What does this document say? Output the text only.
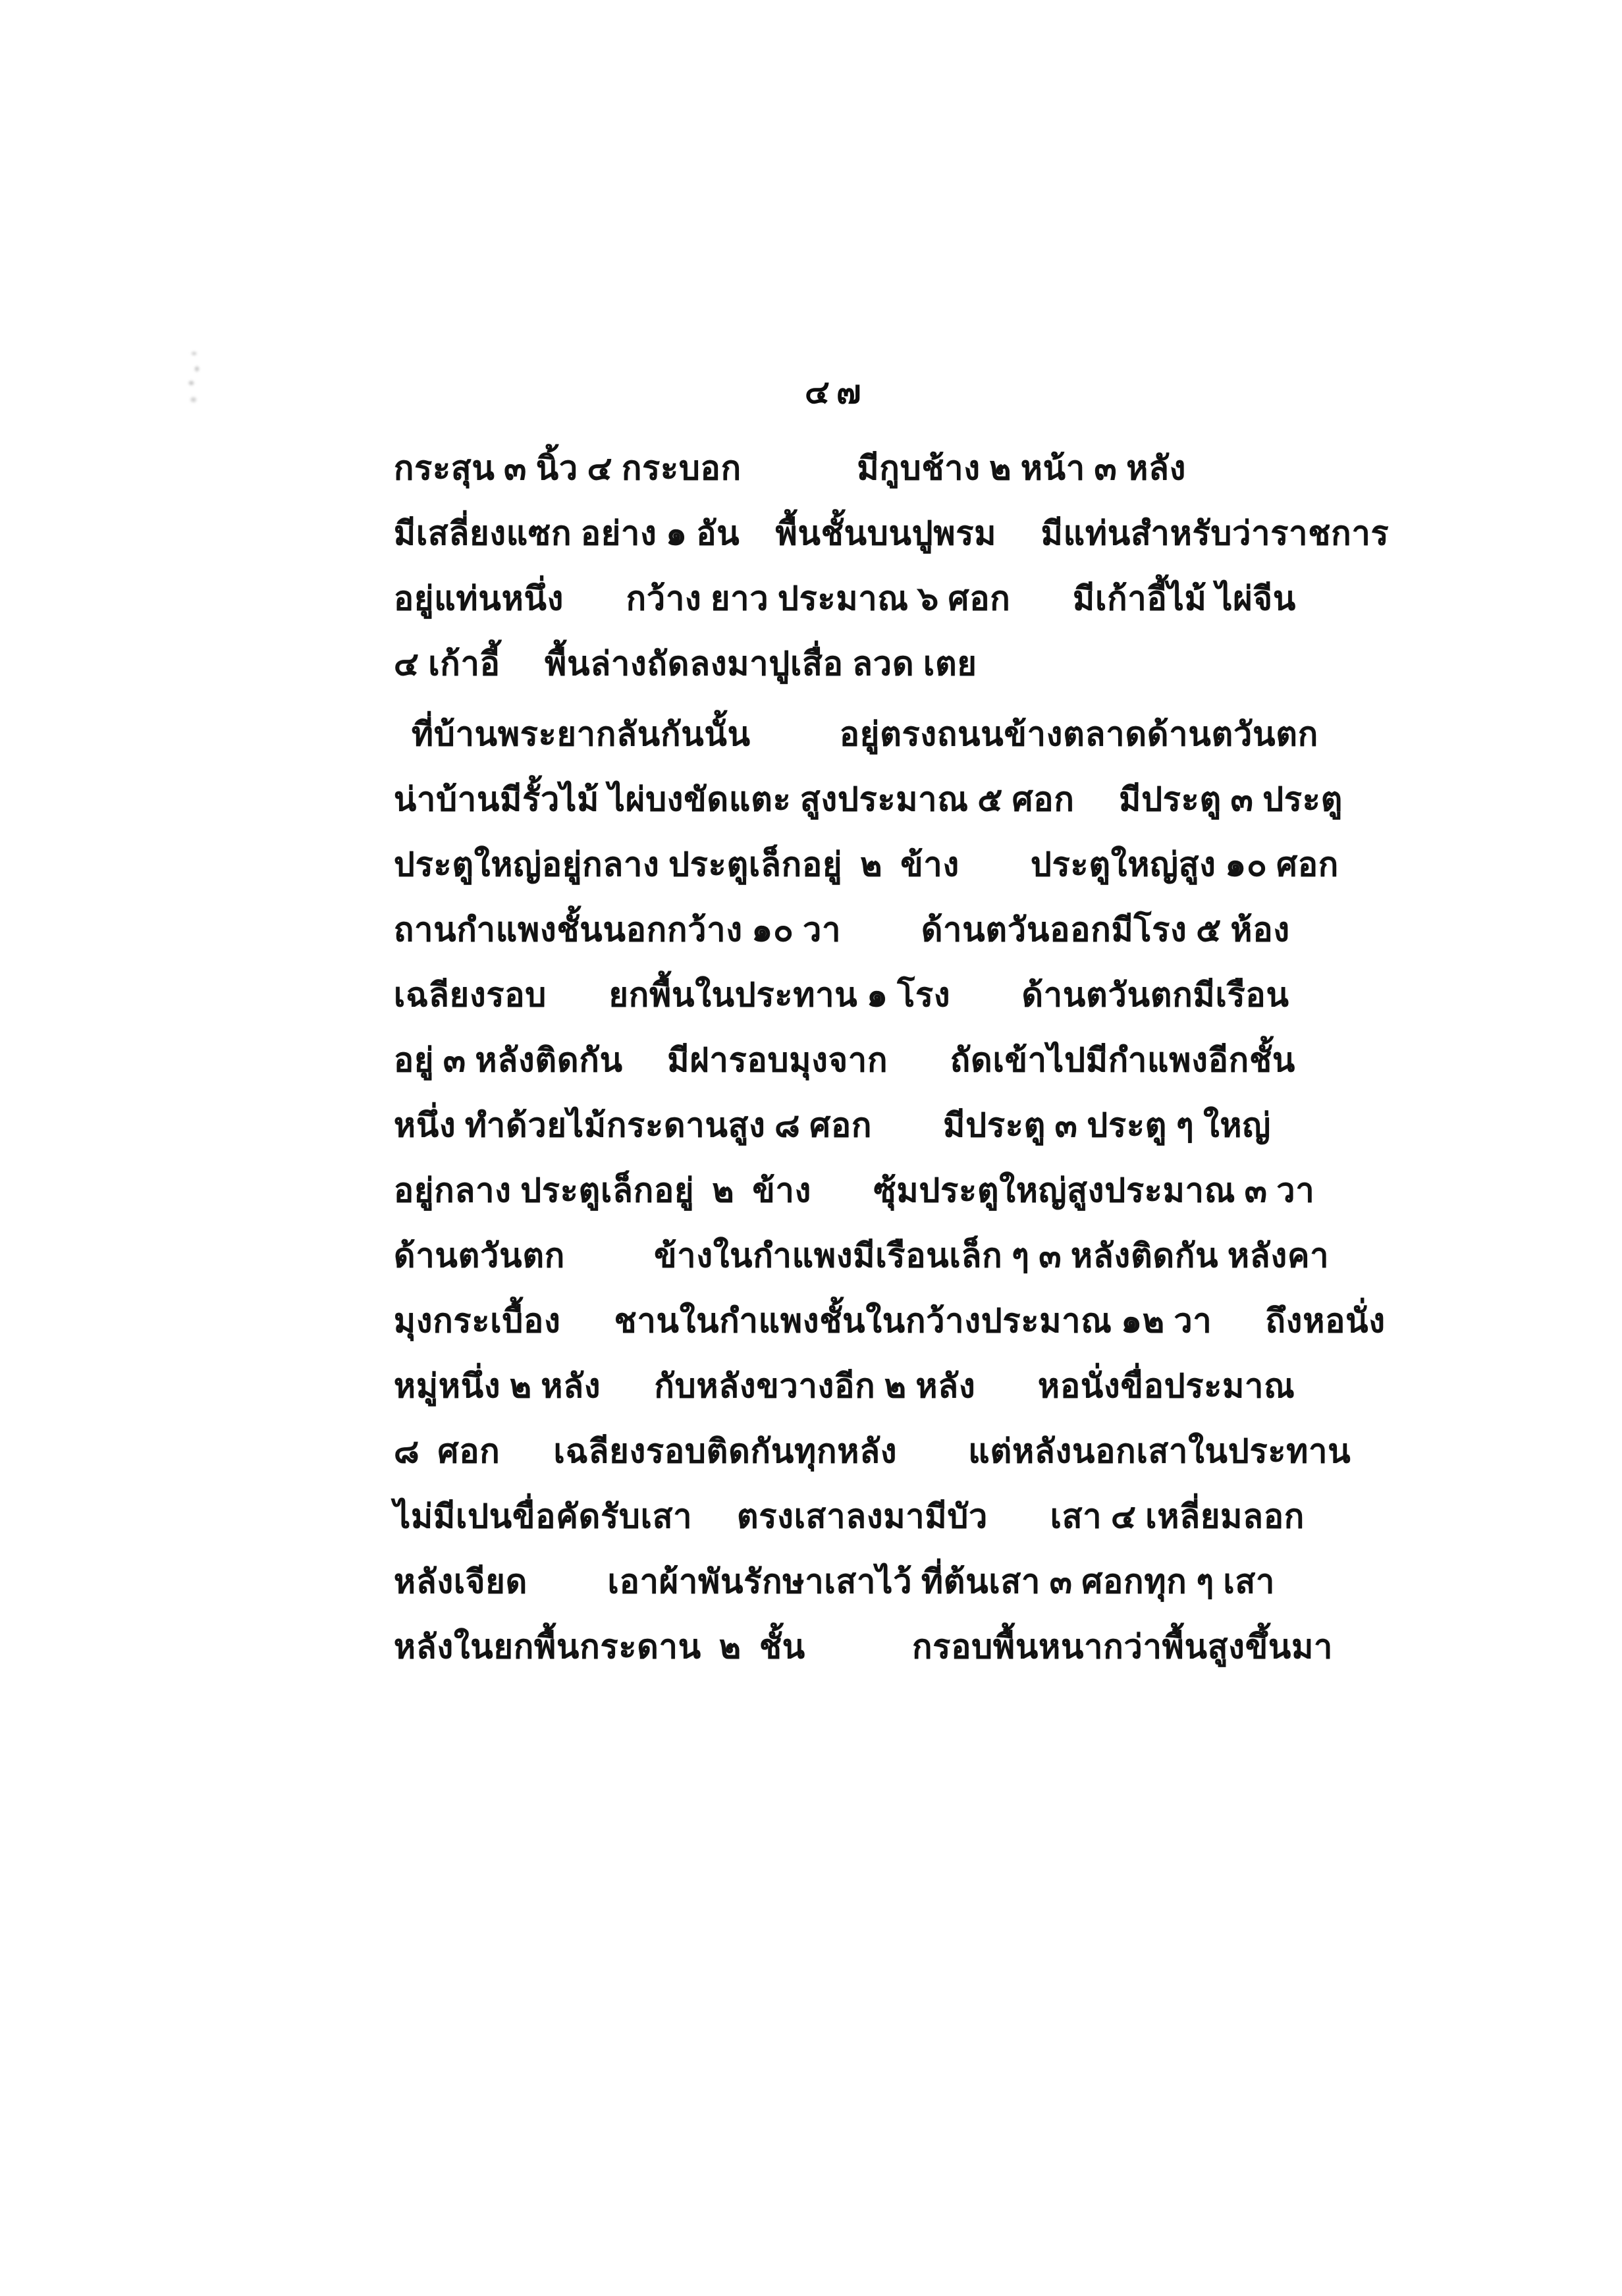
๔๗
กระสุน ๓ นิ้ว ๔ กระบอก             มีกูบช้าง ๒ หน้า ๓ หลัง
มีเสลี่ยงแซก อย่าง ๑ อัน    พื้นชั้นบนปูพรม     มีแท่นสำหรับว่าราชการ
อยู่แท่นหนึ่ง       กว้าง ยาว ประมาณ ๖ ศอก       มีเก้าอี้ไม้ ไผ่จีน
๔ เก้าอี้     พื้นล่างถัดลงมาปูเสื่อ ลวด เตย
ที่บ้านพระยากลันกันนั้น          อยู่ตรงถนนข้างตลาดด้านตวันตก
น่าบ้านมีรั้วไม้ ไผ่บงขัดแตะ สูงประมาณ ๕ ศอก     มีประตู ๓ ประตู
ประตูใหญ่อยู่กลาง ประตูเล็กอยู่  ๒  ข้าง        ประตูใหญ่สูง ๑๐ ศอก
ถานกำแพงชั้นนอกกว้าง ๑๐ วา         ด้านตวันออกมีโรง ๕ ห้อง
เฉลียงรอบ       ยกพื้นในประทาน ๑ โรง        ด้านตวันตกมีเรือน
อยู่ ๓ หลังติดกัน     มีฝารอบมุงจาก       ถัดเข้าไปมีกำแพงอีกชั้น
หนึ่ง ทำด้วยไม้กระดานสูง ๘ ศอก        มีประตู ๓ ประตู ๆ ใหญ่
อยู่กลาง ประตูเล็กอยู่  ๒  ข้าง       ซุ้มประตูใหญ่สูงประมาณ ๓ วา
ด้านตวันตก          ข้างในกำแพงมีเรือนเล็ก ๆ ๓ หลังติดกัน หลังคา
มุงกระเบื้อง      ชานในกำแพงชั้นในกว้างประมาณ ๑๒ วา      ถึงหอนั่ง
หมู่หนึ่ง ๒ หลัง      กับหลังขวางอีก ๒ หลัง       หอนั่งขื่อประมาณ
๘  ศอก      เฉลียงรอบติดกันทุกหลัง        แต่หลังนอกเสาในประทาน
ไม่มีเปนขื่อคัดรับเสา     ตรงเสาลงมามีบัว       เสา ๔ เหลี่ยมลอก
หลังเจียด         เอาผ้าพันรักษาเสาไว้ ที่ต้นเสา ๓ ศอกทุก ๆ เสา
หลังในยกพื้นกระดาน  ๒  ชั้น            กรอบพื้นหนากว่าพื้นสูงขึ้นมา
